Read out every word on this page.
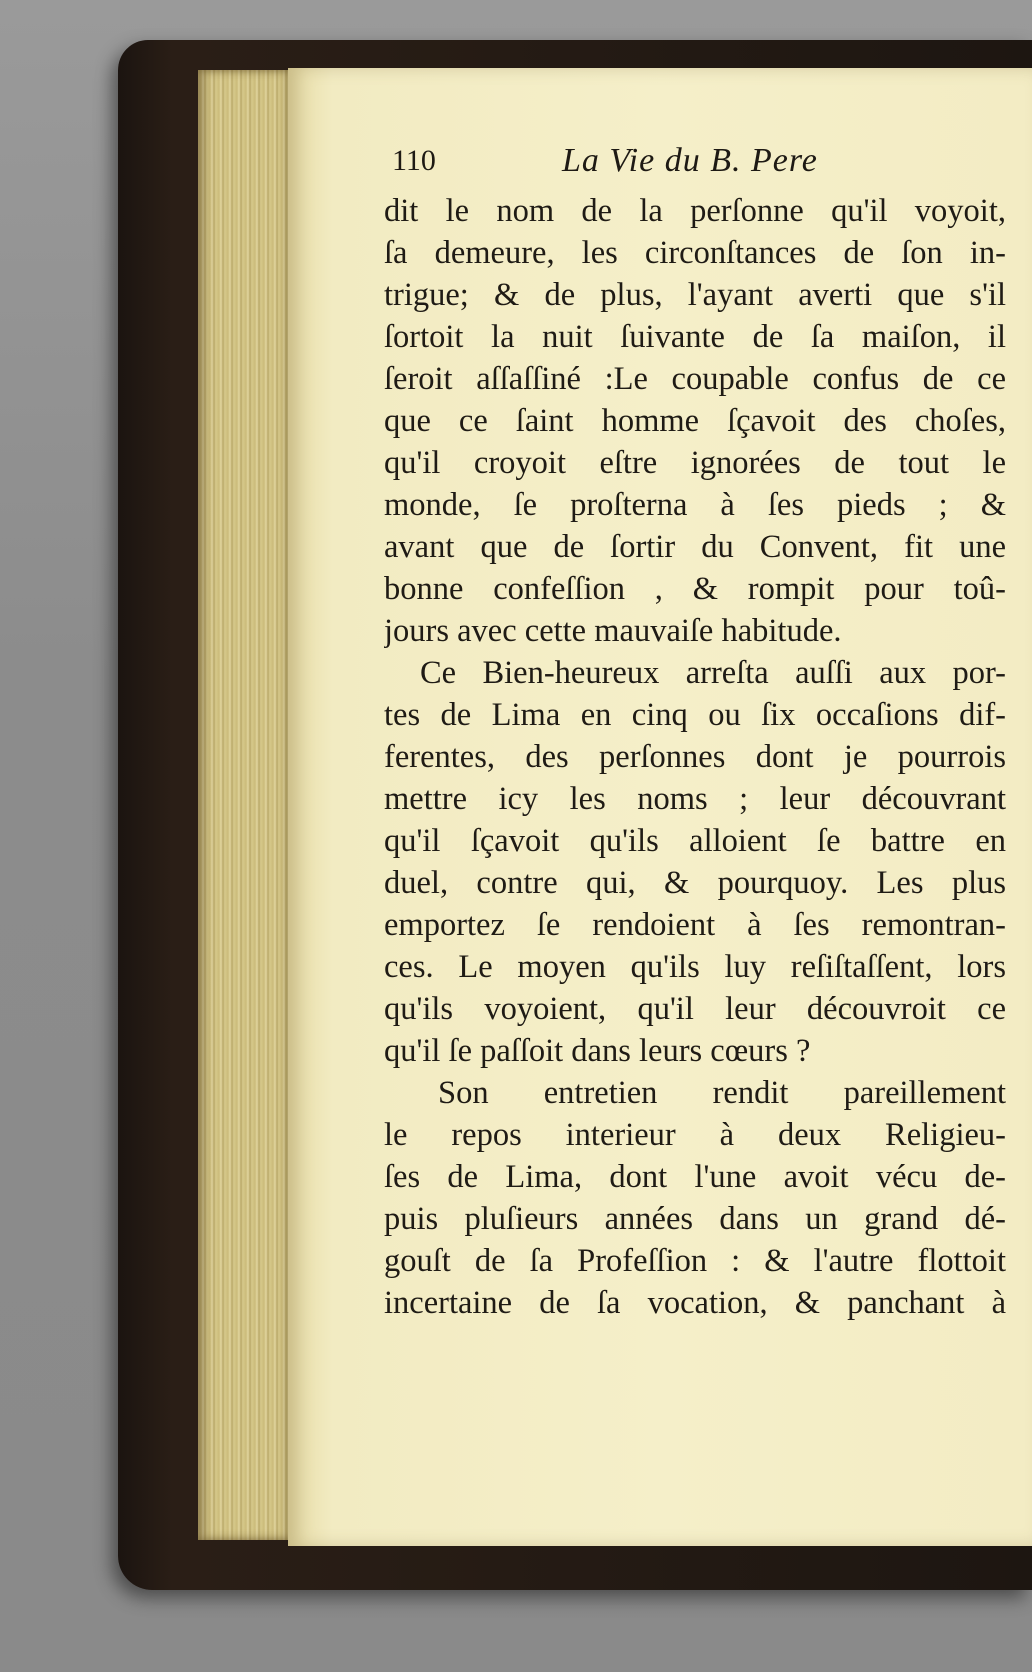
110	La Vie du B. Pere
dit le nom de la perſonne qu'il voyoit,
ſa demeure, les circonſtances de ſon in-
trigue; & de plus, l'ayant averti que s'il
ſortoit la nuit ſuivante de ſa maiſon, il
ſeroit aſſaſſiné :Le coupable confus de ce
que ce ſaint homme ſçavoit des choſes,
qu'il croyoit eſtre ignorées de tout le
monde, ſe proſterna à ſes pieds ; &
avant que de ſortir du Convent, fit une
bonne confeſſion , & rompit pour toû-
jours avec cette mauvaiſe habitude.
Ce Bien-heureux arreſta auſſi aux por-
tes de Lima en cinq ou ſix occaſions dif-
ferentes, des perſonnes dont je pourrois
mettre icy les noms ; leur découvrant
qu'il ſçavoit qu'ils alloient ſe battre en
duel, contre qui, & pourquoy. Les plus
emportez ſe rendoient à ſes remontran-
ces. Le moyen qu'ils luy reſiſtaſſent, lors
qu'ils voyoient, qu'il leur découvroit ce
qu'il ſe paſſoit dans leurs cœurs ?
Son entretien rendit pareillement
le repos interieur à deux Religieu-
ſes de Lima, dont l'une avoit vécu de-
puis pluſieurs années dans un grand dé-
gouſt de ſa Profeſſion : & l'autre flottoit
incertaine de ſa vocation, & panchant à
